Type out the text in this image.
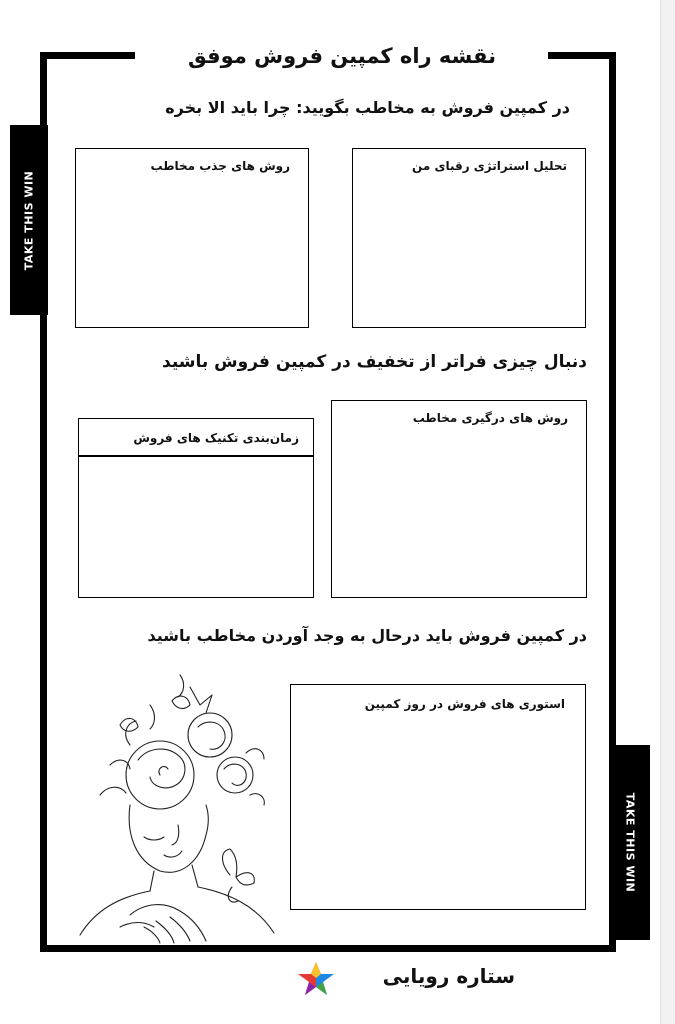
TAKE THIS WIN
TAKE THIS WIN
نقشه راه کمپین فروش موفق
در کمپین فروش به مخاطب بگویید: چرا باید الا بخره
تحلیل استراتژی رقبای من
روش های جذب مخاطب
دنبال چیزی فراتر از تخفیف در کمپین فروش باشید
روش های درگیری مخاطب
زمان‌بندی تکنیک های فروش
در کمپین فروش باید درحال به وجد آوردن مخاطب باشید
استوری های فروش در روز کمپین
ستاره رویایی
